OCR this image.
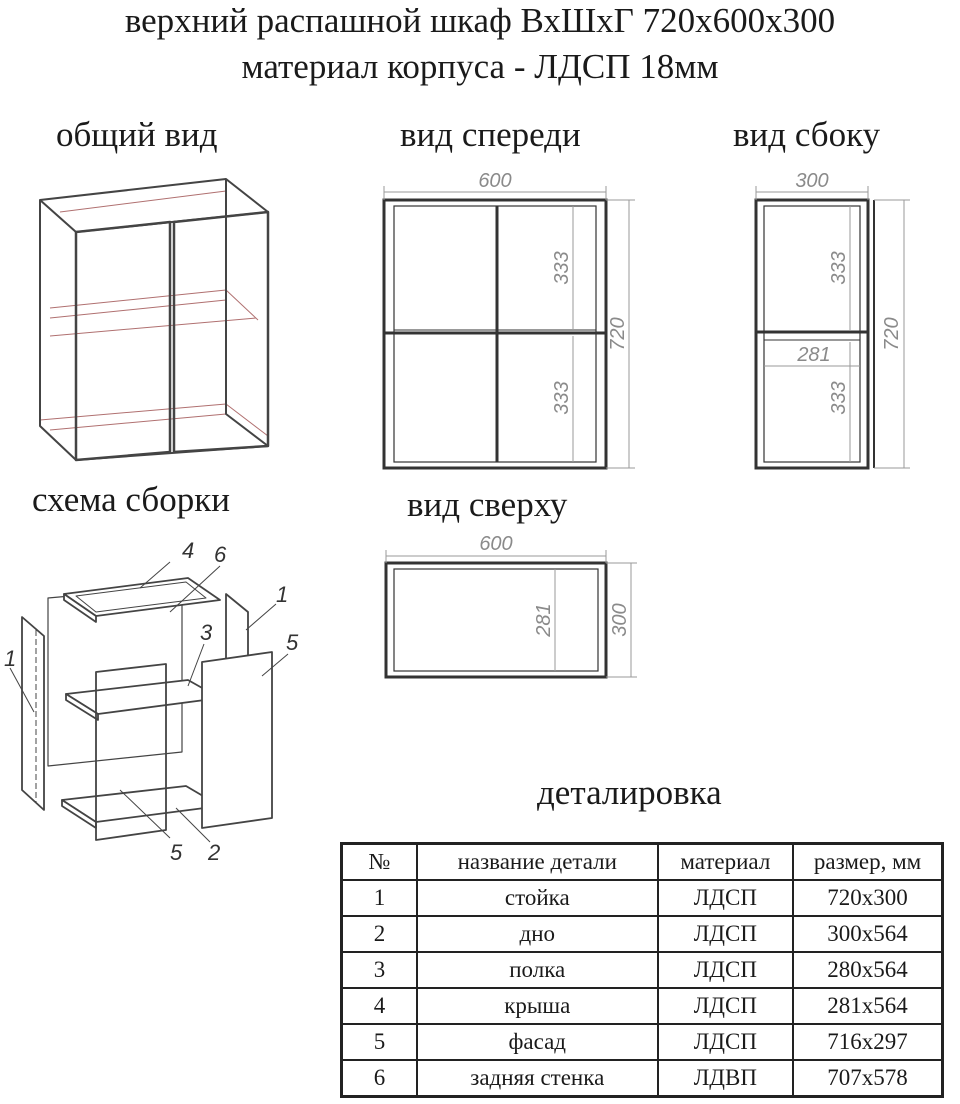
верхний распашной шкаф ВхШхГ 720х600х300
материал корпуса - ЛДСП 18мм
общий вид	вид спереди	вид сбоку
схема сборки	вид сверху
деталировка
600
720
333
333
300
720
281
333
333
600
300
281
4 6
3
1
1
5
5 2	№	название детали	материал	размер, мм
1	стойка	ЛДСП	720х300
2	дно	ЛДСП	300х564
3	полка	ЛДСП	280х564
4	крыша	ЛДСП	281х564
5	фасад	ЛДСП	716х297
6	задняя стенка	ЛДВП	707х578
